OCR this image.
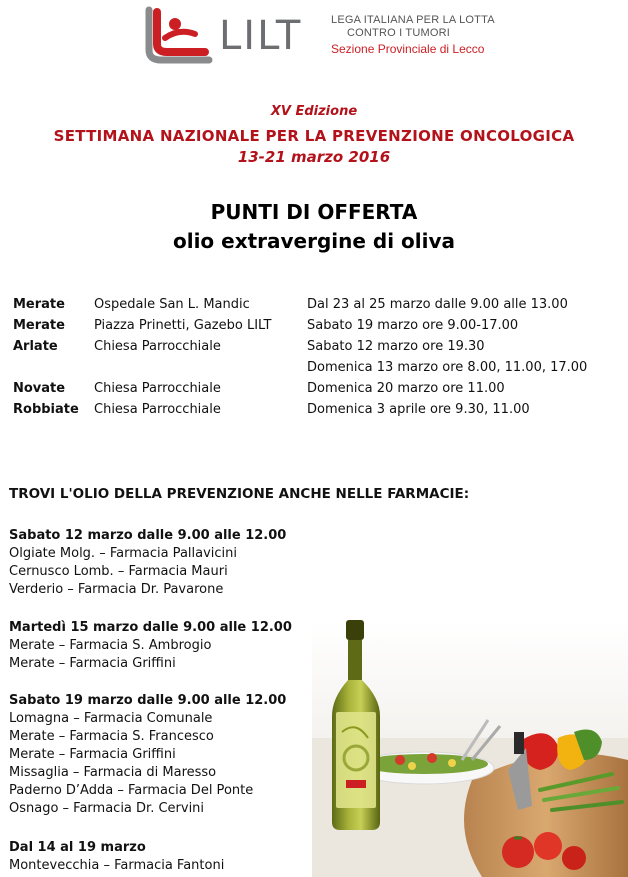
LILT	LEGA ITALIANA PER LA LOTTA
CONTRO I TUMORI
Sezione Provinciale di Lecco
XV Edizione
SETTIMANA NAZIONALE PER LA PREVENZIONE ONCOLOGICA
13-21 marzo 2016
PUNTI DI OFFERTA
olio extravergine di oliva
Merate Ospedale San L. Mandic	Dal 23 al 25 marzo dalle 9.00 alle 13.00
Merate Piazza Prinetti, Gazebo LILT	Sabato 19 marzo ore 9.00-17.00
Arlate	Chiesa Parrocchiale	Sabato 12 marzo ore 19.30
Domenica 13 marzo ore 8.00, 11.00, 17.00
Novate Chiesa Parrocchiale	Domenica 20 marzo ore 11.00
Robbiate Chiesa Parrocchiale	Domenica 3 aprile ore 9.30, 11.00
TROVI L'OLIO DELLA PREVENZIONE ANCHE NELLE FARMACIE:
Sabato 12 marzo dalle 9.00 alle 12.00
Olgiate Molg. – Farmacia Pallavicini
Cernusco Lomb. – Farmacia Mauri
Verderio – Farmacia Dr. Pavarone
Martedì 15 marzo dalle 9.00 alle 12.00
Merate – Farmacia S. Ambrogio
Merate – Farmacia Griffini
Sabato 19 marzo dalle 9.00 alle 12.00
Lomagna – Farmacia Comunale
Merate – Farmacia S. Francesco
Merate – Farmacia Griffini
Missaglia – Farmacia di Maresso
Paderno D’Adda – Farmacia Del Ponte
Osnago – Farmacia Dr. Cervini
Dal 14 al 19 marzo
Montevecchia – Farmacia Fantoni
